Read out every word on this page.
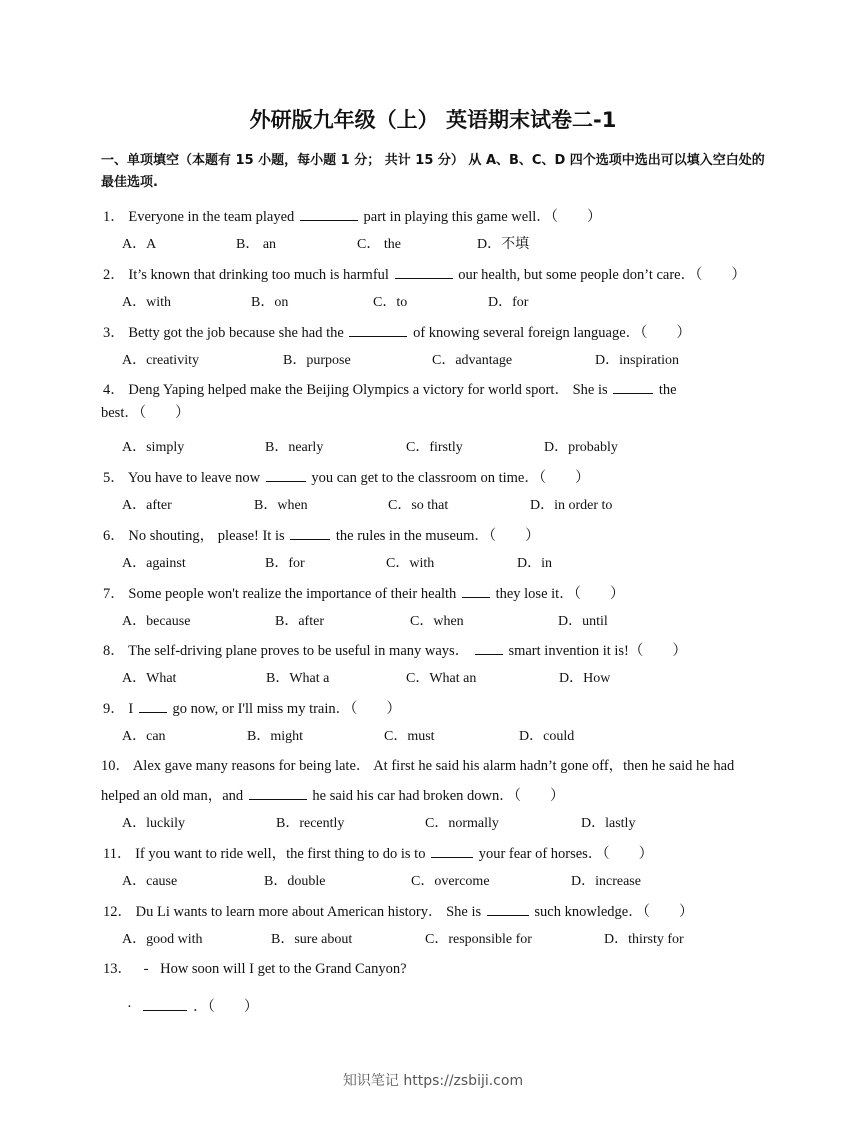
外研版九年级（上） 英语期末试卷二-1
一、单项填空（本题有 15 小题，每小题 1 分； 共计 15 分） 从 A、B、C、D 四个选项中选出可以填入空白处的最佳选项.
1． Everyone in the team played	part in playing this game well．（　　）
A．A	B． an	C． the	D．不填
2． It’s known that drinking too much is harmful	our health, but some people don’t care．（　　）
A．with	B．on	C．to	D．for
3． Betty got the job because she had the	of knowing several foreign language．（　　）
A．creativity	B．purpose	C．advantage	D．inspiration
4． Deng Yaping helped make the Beijing Olympics a victory for world sport． She is	the
best．（　　）
A．simply	B．nearly	C．firstly	D．probably
5． You have to leave now	you can get to the classroom on time．（　　）
A．after	B．when	C．so that	D．in order to
6． No shouting， please! It is	the rules in the museum．（　　）
A．against	B．for	C．with	D．in
7． Some people won't realize the importance of their health	they lose it．（　　）
A．because	B．after	C．when	D．until
8． The self-driving plane proves to be useful in many ways．	smart invention it is!（　　）
A．What	B．What a	C．What an	D．How
9． I	go now, or I'll miss my train．（　　）
A．can	B．might	C．must	D．could
10． Alex gave many reasons for being late． At first he said his alarm hadn’t gone off，then he said he had
helped an old man，and	he said his car had broken down．（　　）
A．luckily	B．recently	C．normally	D．lastly
11． If you want to ride well，the first thing to do is to	your fear of horses．（　　）
A．cause	B．double	C．overcome	D．increase
12． Du Li wants to learn more about American history． She is	such knowledge．（　　）
A．good with	B．sure about	C．responsible for	D．thirsty for
13． - How soon will I get to the Grand Canyon?
·	．（　　）
知识笔记 https://zsbiji.com
